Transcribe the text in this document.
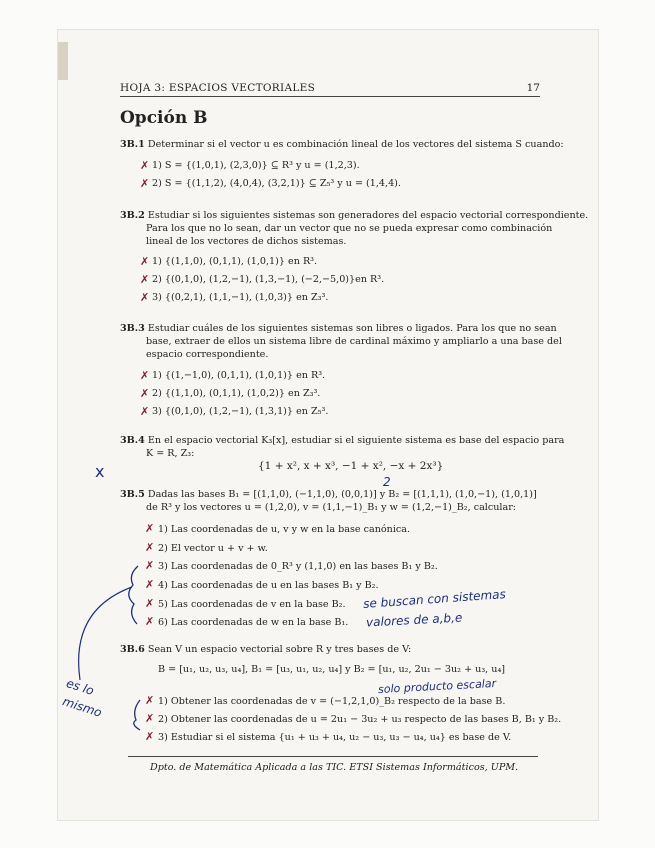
HOJA 3: ESPACIOS VECTORIALES	17
Opción B
3B.1 Determinar si el vector u es combinación lineal de los vectores del sistema S cuando:
1) S = {(1,0,1), (2,3,0)} ⊆ R³ y u = (1,2,3).
2) S = {(1,1,2), (4,0,4), (3,2,1)} ⊆ Z₅³ y u = (1,4,4).
✗
✗
3B.2 Estudiar si los siguientes sistemas son generadores del espacio vectorial correspondiente.
Para los que no lo sean, dar un vector que no se pueda expresar como combinación
lineal de los vectores de dichos sistemas.
1) {(1,1,0), (0,1,1), (1,0,1)} en R³.
2) {(0,1,0), (1,2,−1), (1,3,−1), (−2,−5,0)}en R³.
3) {(0,2,1), (1,1,−1), (1,0,3)} en Z₃³.
✗
✗
✗
3B.3 Estudiar cuáles de los siguientes sistemas son libres o ligados. Para los que no sean
base, extraer de ellos un sistema libre de cardinal máximo y ampliarlo a una base del
espacio correspondiente.
1) {(1,−1,0), (0,1,1), (1,0,1)} en R³.
2) {(1,1,0), (0,1,1), (1,0,2)} en Z₃³.
3) {(0,1,0), (1,2,−1), (1,3,1)} en Z₅³.
✗
✗
✗
3B.4 En el espacio vectorial K₃[x], estudiar si el siguiente sistema es base del espacio para
K = R, Z₃:
{1 + x², x + x³, −1 + x², −x + 2x³}
2
x
3B.5 Dadas las bases B₁ = [(1,1,0), (−1,1,0), (0,0,1)] y B₂ = [(1,1,1), (1,0,−1), (1,0,1)]
de R³ y los vectores u = (1,2,0), v = (1,1,−1)_B₁ y w = (1,2,−1)_B₂, calcular:
1) Las coordenadas de u, v y w en la base canónica.
2) El vector u + v + w.
3) Las coordenadas de 0_R³ y (1,1,0) en las bases B₁ y B₂.
4) Las coordenadas de u en las bases B₁ y B₂.
5) Las coordenadas de v en la base B₂.
6) Las coordenadas de w en la base B₁.
✗
✗
✗
✗
✗
✗
se buscan con sistemas
valores de a,b,e
3B.6 Sean V un espacio vectorial sobre R y tres bases de V:
B = [u₁, u₂, u₃, u₄], B₁ = [u₃, u₁, u₂, u₄] y B₂ = [u₁, u₂, 2u₁ − 3u₂ + u₃, u₄]
solo producto escalar
1) Obtener las coordenadas de v = (−1,2,1,0)_B₂ respecto de la base B.
2) Obtener las coordenadas de u = 2u₁ − 3u₂ + u₃ respecto de las bases B, B₁ y B₂.
3) Estudiar si el sistema {u₁ + u₃ + u₄, u₂ − u₃, u₃ − u₄, u₄} es base de V.
✗
✗
✗
es lo
mismo
Dpto. de Matemática Aplicada a las TIC. ETSI Sistemas Informáticos, UPM.
